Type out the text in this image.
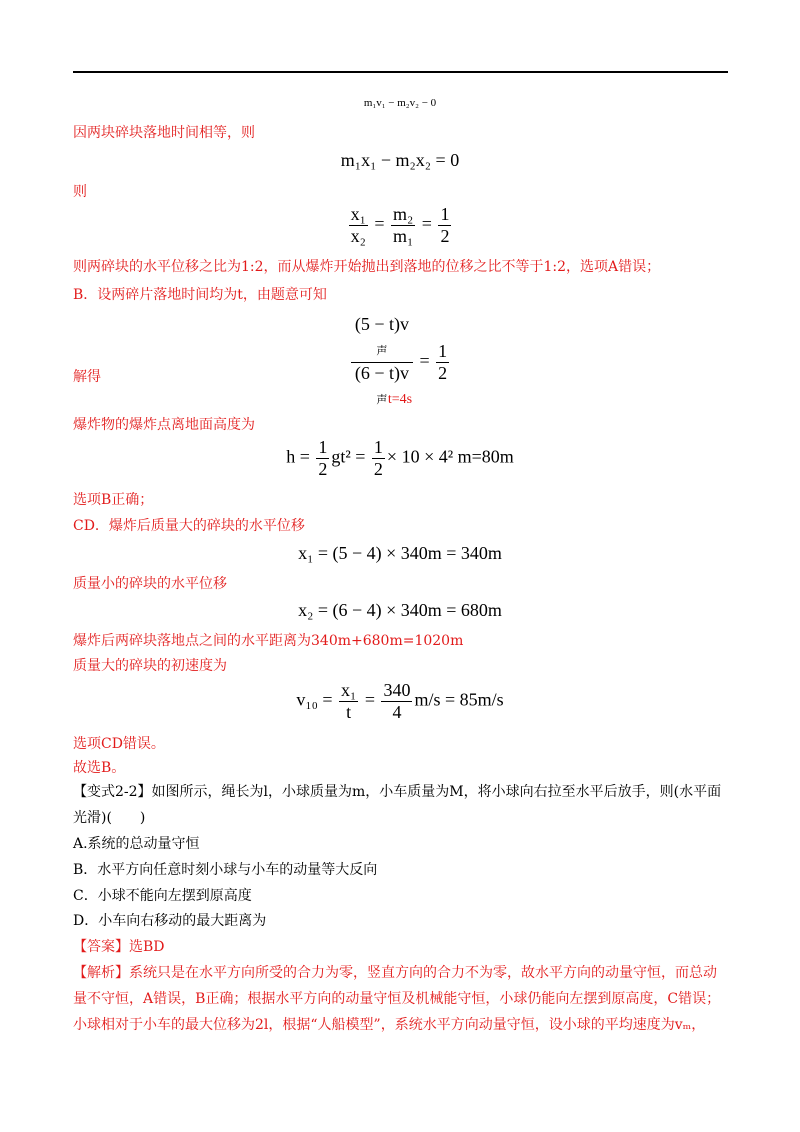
m₁v₁ − m₂v₂ − 0
因两块碎块落地时间相等，则
m₁x₁ − m₂x₂ = 0
则
$\frac{\text{x₁}}{\text{x₂}} = \frac{\text{m₂}}{\text{m₁}} = \frac{1}{2}$
则两碎块的水平位移之比为1:2，而从爆炸开始抛出到落地的位移之比不等于1:2，选项A错误；
B．设两碎片落地时间均为t，由题意可知
(5 − t)v
$_声$
(6 − t)v
$_声 = \frac{1}{2}$
解得
t=4s
爆炸物的爆炸点离地面高度为
$h = \frac{1}{2} gt^2 = \frac{1}{2} \times 10 \times 4^2$ m=80m
选项B正确；
CD．爆炸后质量大的碎块的水平位移
x₁ = (5 − 4) × 340m = 340m
质量小的碎块的水平位移
x₂ = (6 − 4) × 340m = 680m
爆炸后两碎块落地点之间的水平距离为340m+680m=1020m
质量大的碎块的初速度为
$v_{10} = \frac{\text{x₁}}{t} = \frac{340}{4} m/s = 85m/s$
选项CD错误。
故选B。
【变式2-2】如图所示，绳长为l，小球质量为m，小车质量为M，将小球向右拉至水平后放手，则(水平面
光滑)(　　)
A.系统的总动量守恒
B．水平方向任意时刻小球与小车的动量等大反向
C．小球不能向左摆到原高度
D．小车向右移动的最大距离为
【答案】选BD
【解析】系统只是在水平方向所受的合力为零，竖直方向的合力不为零，故水平方向的动量守恒，而总动
量不守恒，A错误，B正确；根据水平方向的动量守恒及机械能守恒，小球仍能向左摆到原高度，C错误；
小球相对于小车的最大位移为2l，根据“人船模型”，系统水平方向动量守恒，设小球的平均速度为vₘ，
